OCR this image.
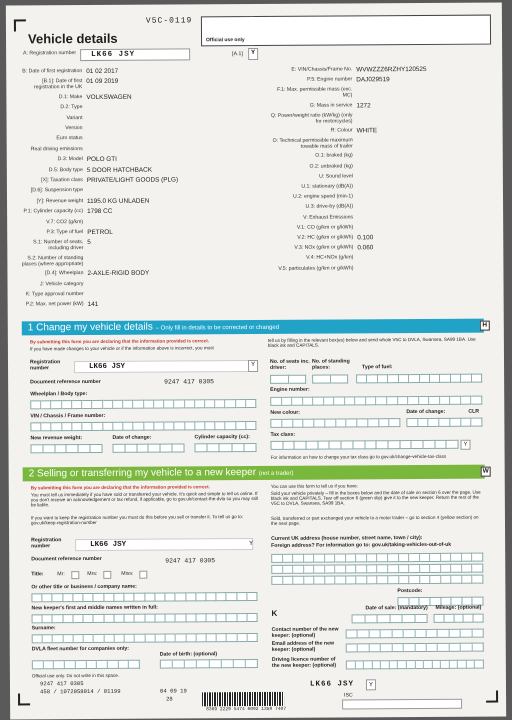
V5C-0119
Official use only
Vehicle details
A: Registration number	LK66 JSY	[A.1]	Y
B: Date of first registration 01 02 2017
[B.1]: Date of first registration in the UK
01 09 2019
D.1: Make VOLKSWAGEN
D.2: Type
Variant
Version
Euro status
Real driving emissions
D.3: Model POLO GTI
D.5: Body type 5 DOOR HATCHBACK
[X]: Taxation class PRIVATE/LIGHT GOODS (PLG)
[D.6]: Suspension type
[Y]: Revenue weight 1195.0 KG UNLADEN
P.1: Cylinder capacity (cc) 1798 CC
V.7: CO2 (g/km)
P.3: Type of fuel PETROL
S.1: Number of seats, including driver
5
S.2: Number of standing places (where appropriate)
[D.4]: Wheelplan 2-AXLE-RIGID BODY
J: Vehicle category
K: Type approval number
P.2: Max. net power (kW) 141
E: VIN/Chassis/Frame No. WVWZZZ6RZHY120525
P.5: Engine number DAJ029519
F.1: Max. permissible mass (exc. MC)
G: Mass in service 1272
Q: Power/weight ratio (kW/kg) (only for motorcycles)
R: Colour WHITE
O: Technical permissible maximum towable mass of trailer
O.1: braked (kg)
O.2: unbraked (kg)
U: Sound level
U.1: stationary (dB(A))
U.2: engine speed (min-1)
U.3: drive-by (dB(A))
V: Exhaust Emissions
V.1: CO (g/km or g/kWh)
V.2: HC (g/km or g/kWh) 0.100
V.3: NOx (g/km or g/kWh) 0.060
V.4: HC+NOx (g/km)
V.5: particulates (g/km or g/kWh)
1 Change my vehicle details – Only fill in details to be corrected or changed	H
By submitting this form you are declaring that the information provided is correct.
If you have made changes to your vehicle or if the information above is incorrect, you must
tell us by filling in the relevant box(es) below and send whole V5C to DVLA, Swansea, SA99 1BA. Use black ink and CAPITALS.
Registration number	LK66 JSY	Y
Document reference number	9247 417 0305
Wheelplan / Body type:
VIN / Chassis / Frame number:
New revenue weight:	Date of change:	Cylinder capacity (cc):
No. of seats inc. driver:
No. of standing places:	Type of fuel:
Engine number:
New colour:	Date of change:	CLR
Tax class:
Y
For information on how to change your tax class go to gov.uk/change-vehicle-tax-class
2 Selling or transferring my vehicle to a new keeper (not a trader)	W
By submitting this form you are declaring that the information provided is correct.
You must tell us immediately if you have sold or transferred your vehicle. It's quick and simple to tell us online. If you don't receive an acknowledgement or tax refund, if applicable, go to gov.uk/contact-the-dvla so you may still be liable.
If you want to keep the registration number you must do this before you sell or transfer it. To tell us go to: gov.uk/keep-registration-number
You can use this form to tell us if you have:
Sold your vehicle privately – fill in the boxes below and the date of sale on section 6 over the page. Use black ink and CAPITALS. Tear off section 6 (green slip) give it to the new keeper. Return the rest of the V5C to DVLA, Swansea, SA99 1BA.
Sold, transferred or part exchanged your vehicle to a motor trader – go to section 4 (yellow section) on the next page.
Registration number	LK66 JSY	Y
Document reference number	9247 417 0305
Title:	Mr:	Mrs:	Miss:
Or other title or business / company name:
New keeper's first and middle names written in full:
Surname:
DVLA fleet number for companies only:
Date of birth: (optional)
Current UK address (house number, street name, town / city):
Foreign address? For information go to: gov.uk/taking-vehicles-out-of-uk
Postcode:
K
Date of sale: (mandatory) Mileage: (optional)
Contact number of the new keeper: (optional)
Email address of the new keeper: (optional)
Driving licence number of the new keeper: (optional)
Official use only. Do not write in this space.
9247 417 0305
458 / 1072058014 / 01199	04 09 19
28
LK66 JSY	Y
ISC
8369 2229 5474 6092 1358 7407
